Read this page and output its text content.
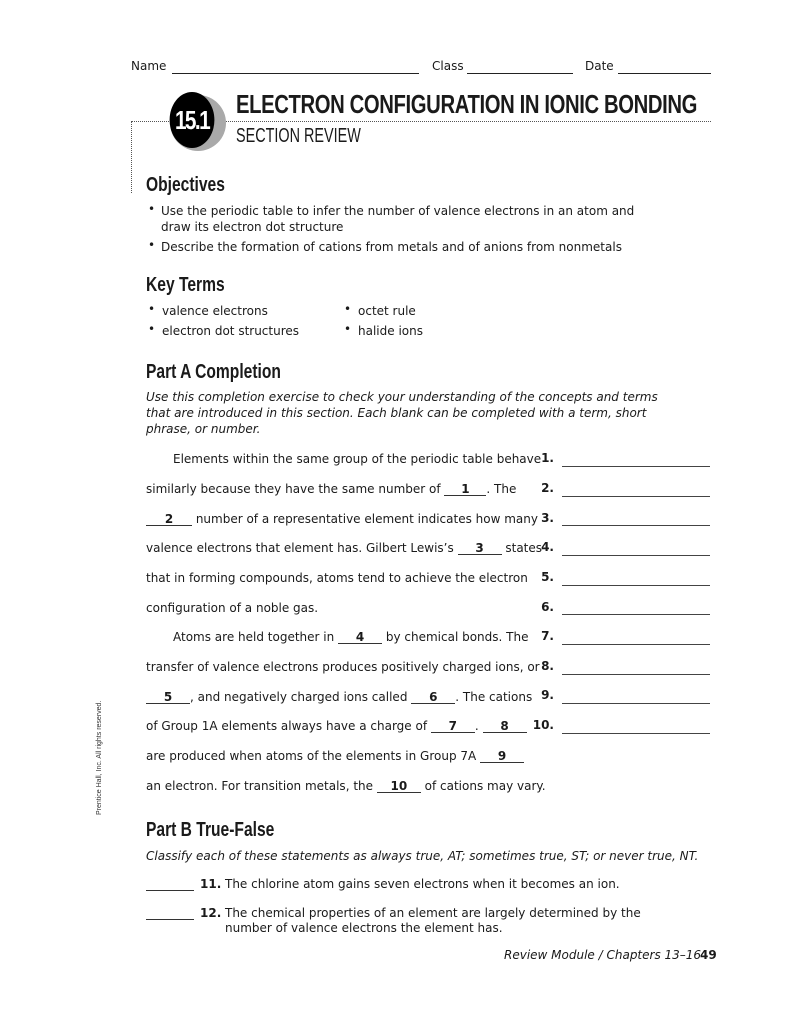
Name	Class	Date
15.1
ELECTRON CONFIGURATION IN IONIC BONDING
SECTION REVIEW
Objectives
• Use the periodic table to infer the number of valence electrons in an atom and
draw its electron dot structure
• Describe the formation of cations from metals and of anions from nonmetals
Key Terms
• valence electrons
• electron dot structures
• octet rule
• halide ions
Part A Completion
Use this completion exercise to check your understanding of the concepts and terms
that are introduced in this section. Each blank can be completed with a term, short
phrase, or number.
Elements within the same group of the periodic table behave
similarly because they have the same number of 1 . The
2 number of a representative element indicates how many
valence electrons that element has. Gilbert Lewis’s 3 states
that in forming compounds, atoms tend to achieve the electron
configuration of a noble gas.
Atoms are held together in 4 by chemical bonds. The
transfer of valence electrons produces positively charged ions, or
5 , and negatively charged ions called 6 . The cations
of Group 1A elements always have a charge of 7 . 8
are produced when atoms of the elements in Group 7A 9
an electron. For transition metals, the 10 of cations may vary.
1.
2.
3.
4.
5.
6.
7.
8.
9.
10.
Prentice Hall, Inc. All rights reserved.
Part B True-False
Classify each of these statements as always true, AT; sometimes true, ST; or never true, NT.
11. The chlorine atom gains seven electrons when it becomes an ion.
12. The chemical properties of an element are largely determined by the
number of valence electrons the element has.
Review Module / Chapters 13–16
49
